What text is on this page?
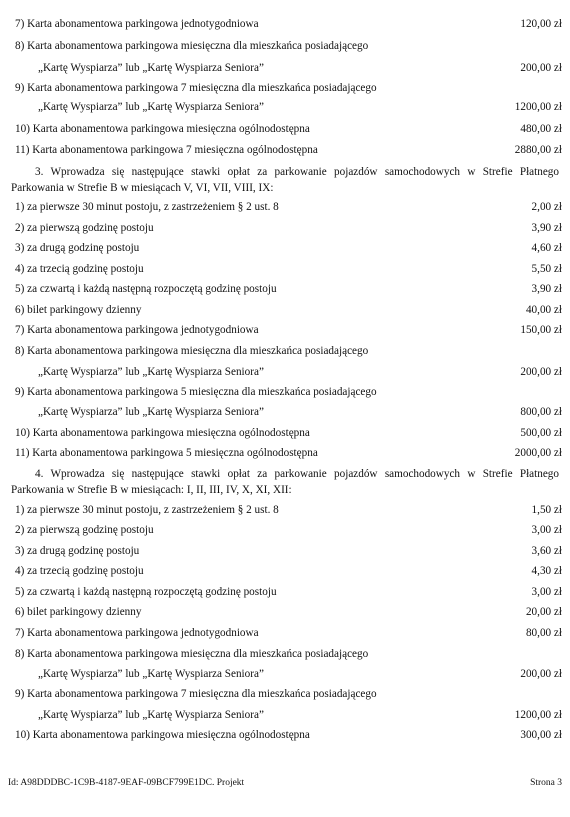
7) Karta abonamentowa parkingowa jednotygodniowa	120,00 zł
8) Karta abonamentowa parkingowa miesięczna dla mieszkańca posiadającego
„Kartę Wyspiarza” lub „Kartę Wyspiarza Seniora”	200,00 zł
9) Karta abonamentowa parkingowa 7 miesięczna dla mieszkańca posiadającego
„Kartę Wyspiarza” lub „Kartę Wyspiarza Seniora”	1200,00 zł
10) Karta abonamentowa parkingowa miesięczna ogólnodostępna	480,00 zł
11) Karta abonamentowa parkingowa 7 miesięczna ogólnodostępna	2880,00 zł
3. Wprowadza się następujące stawki opłat za parkowanie pojazdów samochodowych w Strefie Płatnego Parkowania w Strefie B w miesiącach V, VI, VII, VIII, IX:
1) za pierwsze 30 minut postoju, z zastrzeżeniem § 2 ust. 8	2,00 zł
2) za pierwszą godzinę postoju	3,90 zł
3) za drugą godzinę postoju	4,60 zł
4) za trzecią godzinę postoju	5,50 zł
5) za czwartą i każdą następną rozpoczętą godzinę postoju	3,90 zł
6) bilet parkingowy dzienny	40,00 zł
7) Karta abonamentowa parkingowa jednotygodniowa	150,00 zł
8) Karta abonamentowa parkingowa miesięczna dla mieszkańca posiadającego
„Kartę Wyspiarza” lub „Kartę Wyspiarza Seniora”	200,00 zł
9) Karta abonamentowa parkingowa 5 miesięczna dla mieszkańca posiadającego
„Kartę Wyspiarza” lub „Kartę Wyspiarza Seniora”	800,00 zł
10) Karta abonamentowa parkingowa miesięczna ogólnodostępna	500,00 zł
11) Karta abonamentowa parkingowa 5 miesięczna ogólnodostępna	2000,00 zł
4. Wprowadza się następujące stawki opłat za parkowanie pojazdów samochodowych w Strefie Płatnego Parkowania w Strefie B w miesiącach: I, II, III, IV, X, XI, XII:
1) za pierwsze 30 minut postoju, z zastrzeżeniem § 2 ust. 8	1,50 zł
2) za pierwszą godzinę postoju	3,00 zł
3) za drugą godzinę postoju	3,60 zł
4) za trzecią godzinę postoju	4,30 zł
5) za czwartą i każdą następną rozpoczętą godzinę postoju	3,00 zł
6) bilet parkingowy dzienny	20,00 zł
7) Karta abonamentowa parkingowa jednotygodniowa	80,00 zł
8) Karta abonamentowa parkingowa miesięczna dla mieszkańca posiadającego
„Kartę Wyspiarza” lub „Kartę Wyspiarza Seniora”	200,00 zł
9) Karta abonamentowa parkingowa 7 miesięczna dla mieszkańca posiadającego
„Kartę Wyspiarza” lub „Kartę Wyspiarza Seniora”	1200,00 zł
10) Karta abonamentowa parkingowa miesięczna ogólnodostępna	300,00 zł
Id: A98DDDBC-1C9B-4187-9EAF-09BCF799E1DC. Projekt	Strona 3
